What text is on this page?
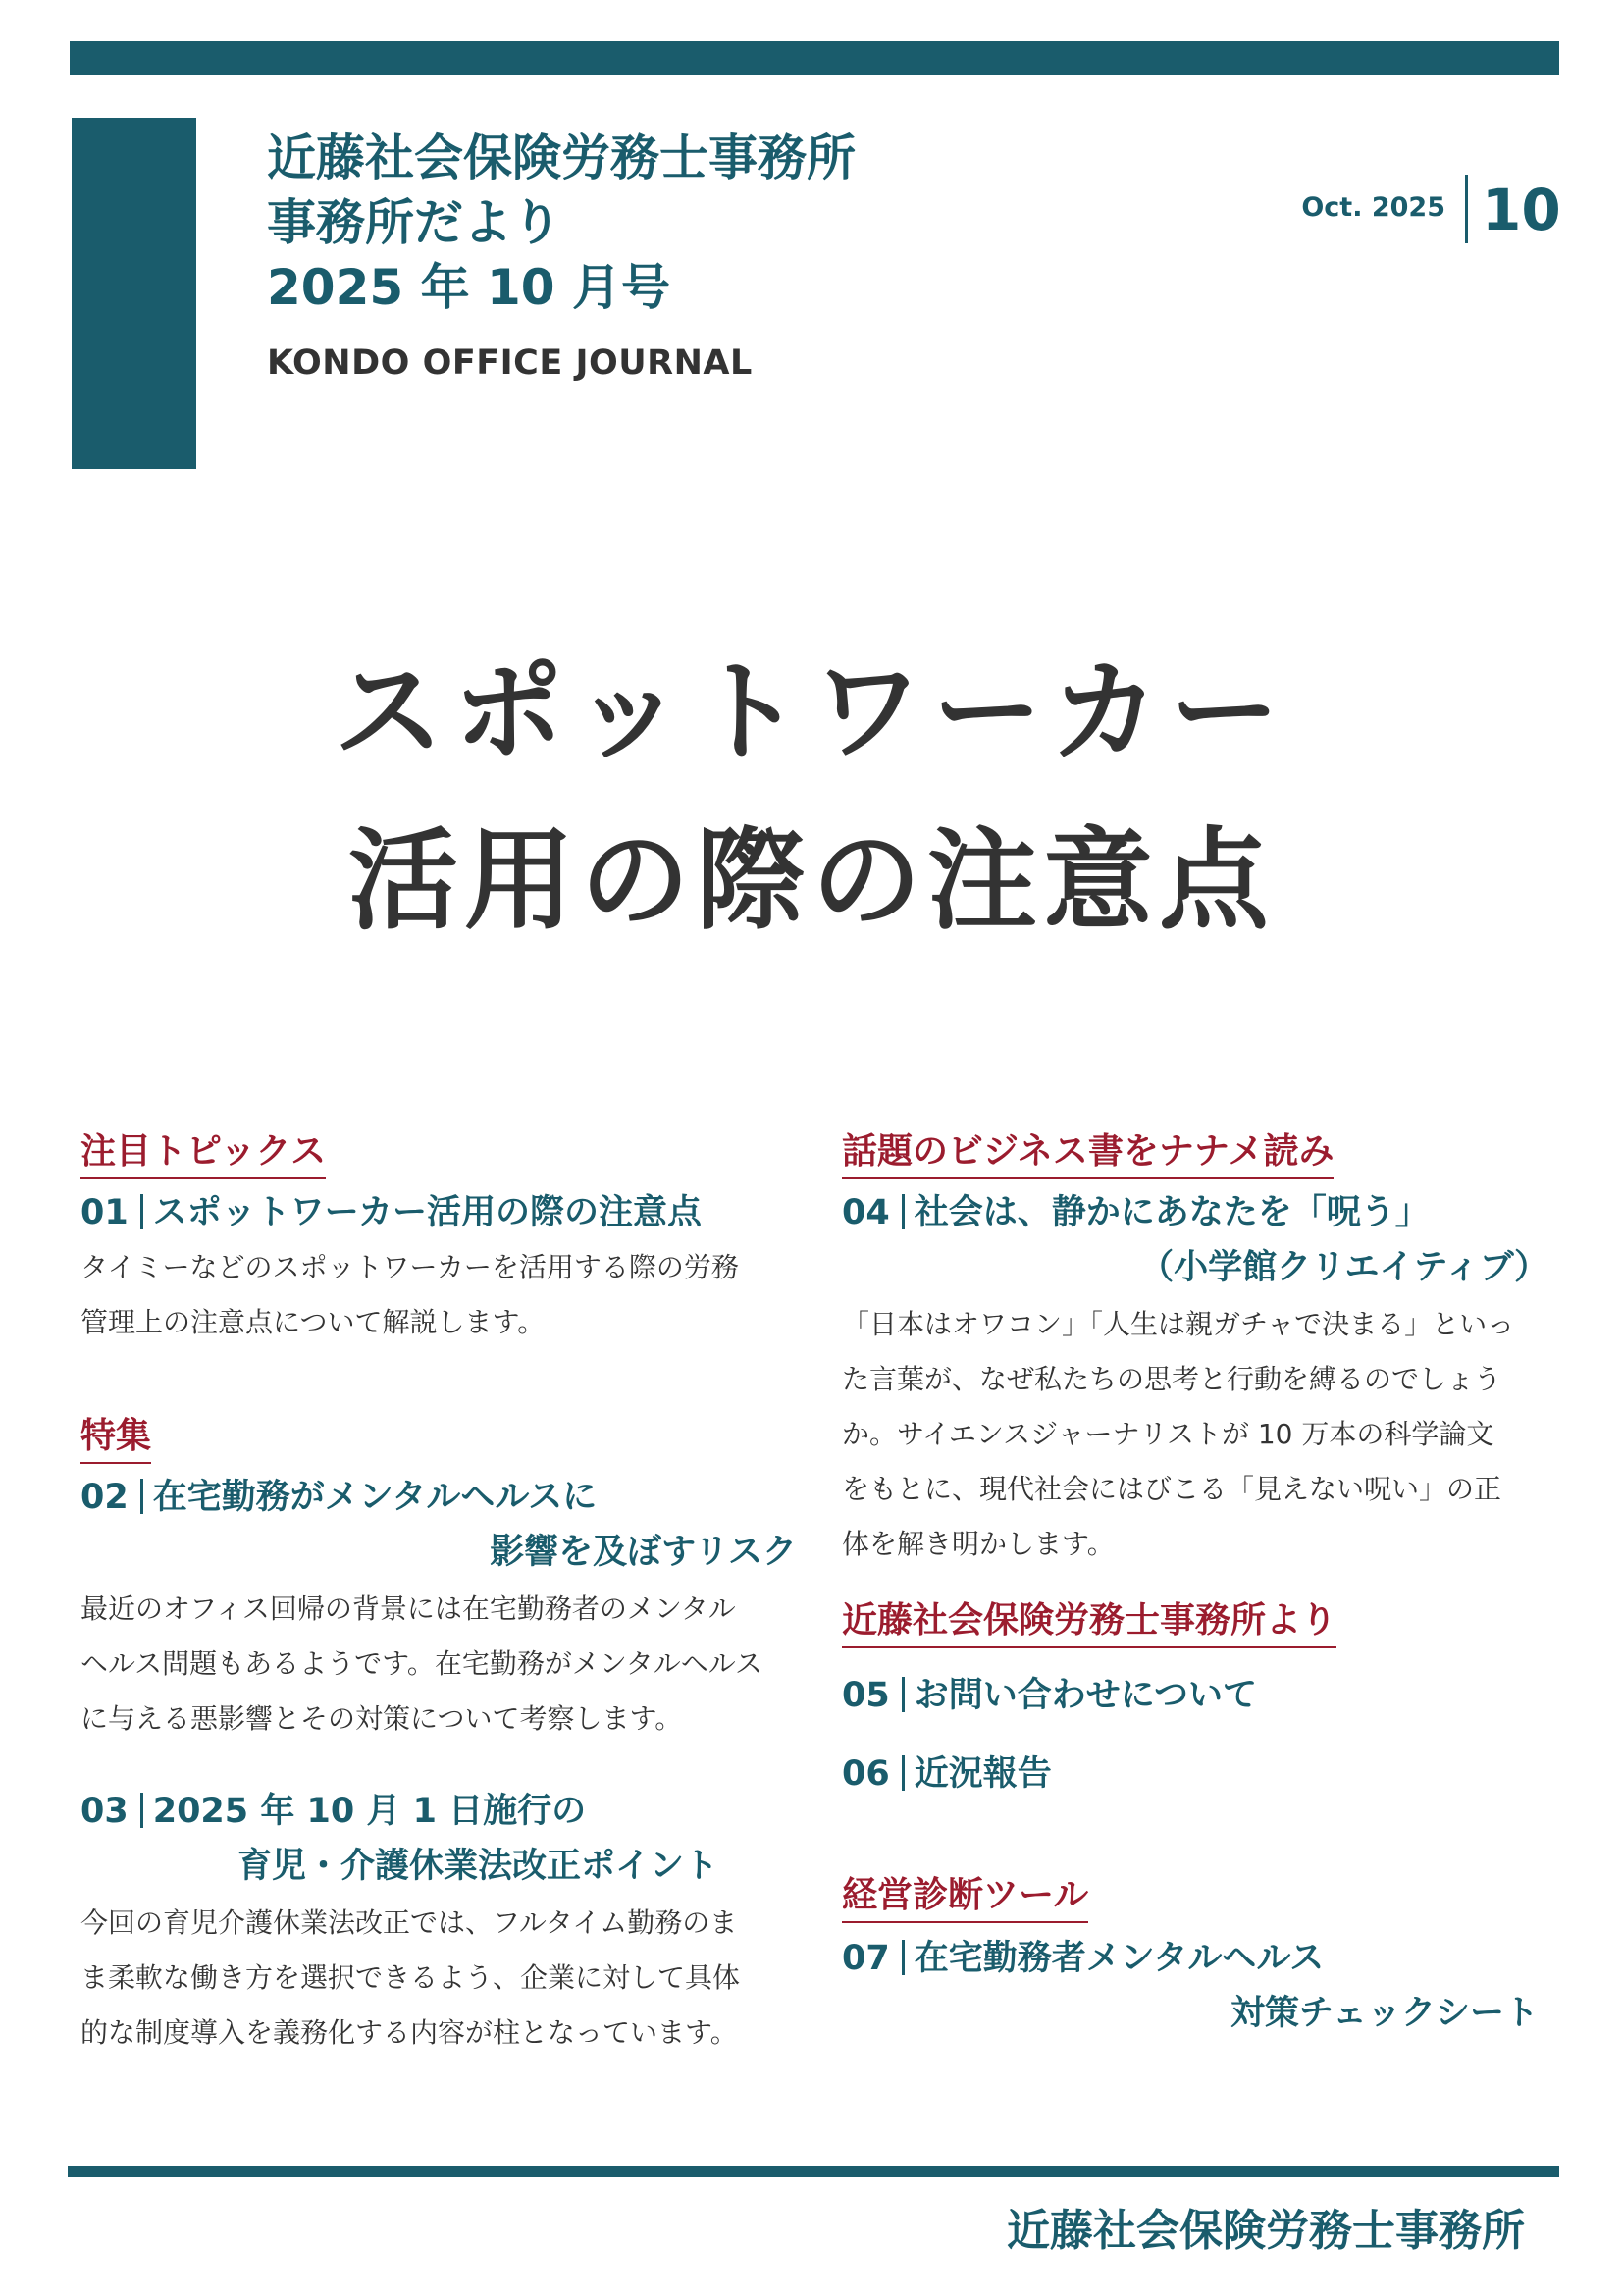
近藤社会保険労務士事務所
事務所だより
2025 年 10 月号
KONDO OFFICE JOURNAL
Oct. 2025 10
スポットワーカー
活用の際の注意点
注目トピックス
01 スポットワーカー活用の際の注意点
タイミーなどのスポットワーカーを活用する際の労務
管理上の注意点について解説します。
特集
02 在宅勤務がメンタルヘルスに
影響を及ぼすリスク
最近のオフィス回帰の背景には在宅勤務者のメンタル
ヘルス問題もあるようです。在宅勤務がメンタルヘルス
に与える悪影響とその対策について考察します。
03 2025 年 10 月 1 日施行の
育児・介護休業法改正ポイント
今回の育児介護休業法改正では、フルタイム勤務のま
ま柔軟な働き方を選択できるよう、企業に対して具体
的な制度導入を義務化する内容が柱となっています。
話題のビジネス書をナナメ読み
04 社会は、静かにあなたを「呪う」
（小学館クリエイティブ）
「日本はオワコン」「人生は親ガチャで決まる」といっ
た言葉が、なぜ私たちの思考と行動を縛るのでしょう
か。サイエンスジャーナリストが 10 万本の科学論文
をもとに、現代社会にはびこる「見えない呪い」の正
体を解き明かします。
近藤社会保険労務士事務所より
05 お問い合わせについて
06 近況報告
経営診断ツール
07 在宅勤務者メンタルヘルス
対策チェックシート
近藤社会保険労務士事務所
